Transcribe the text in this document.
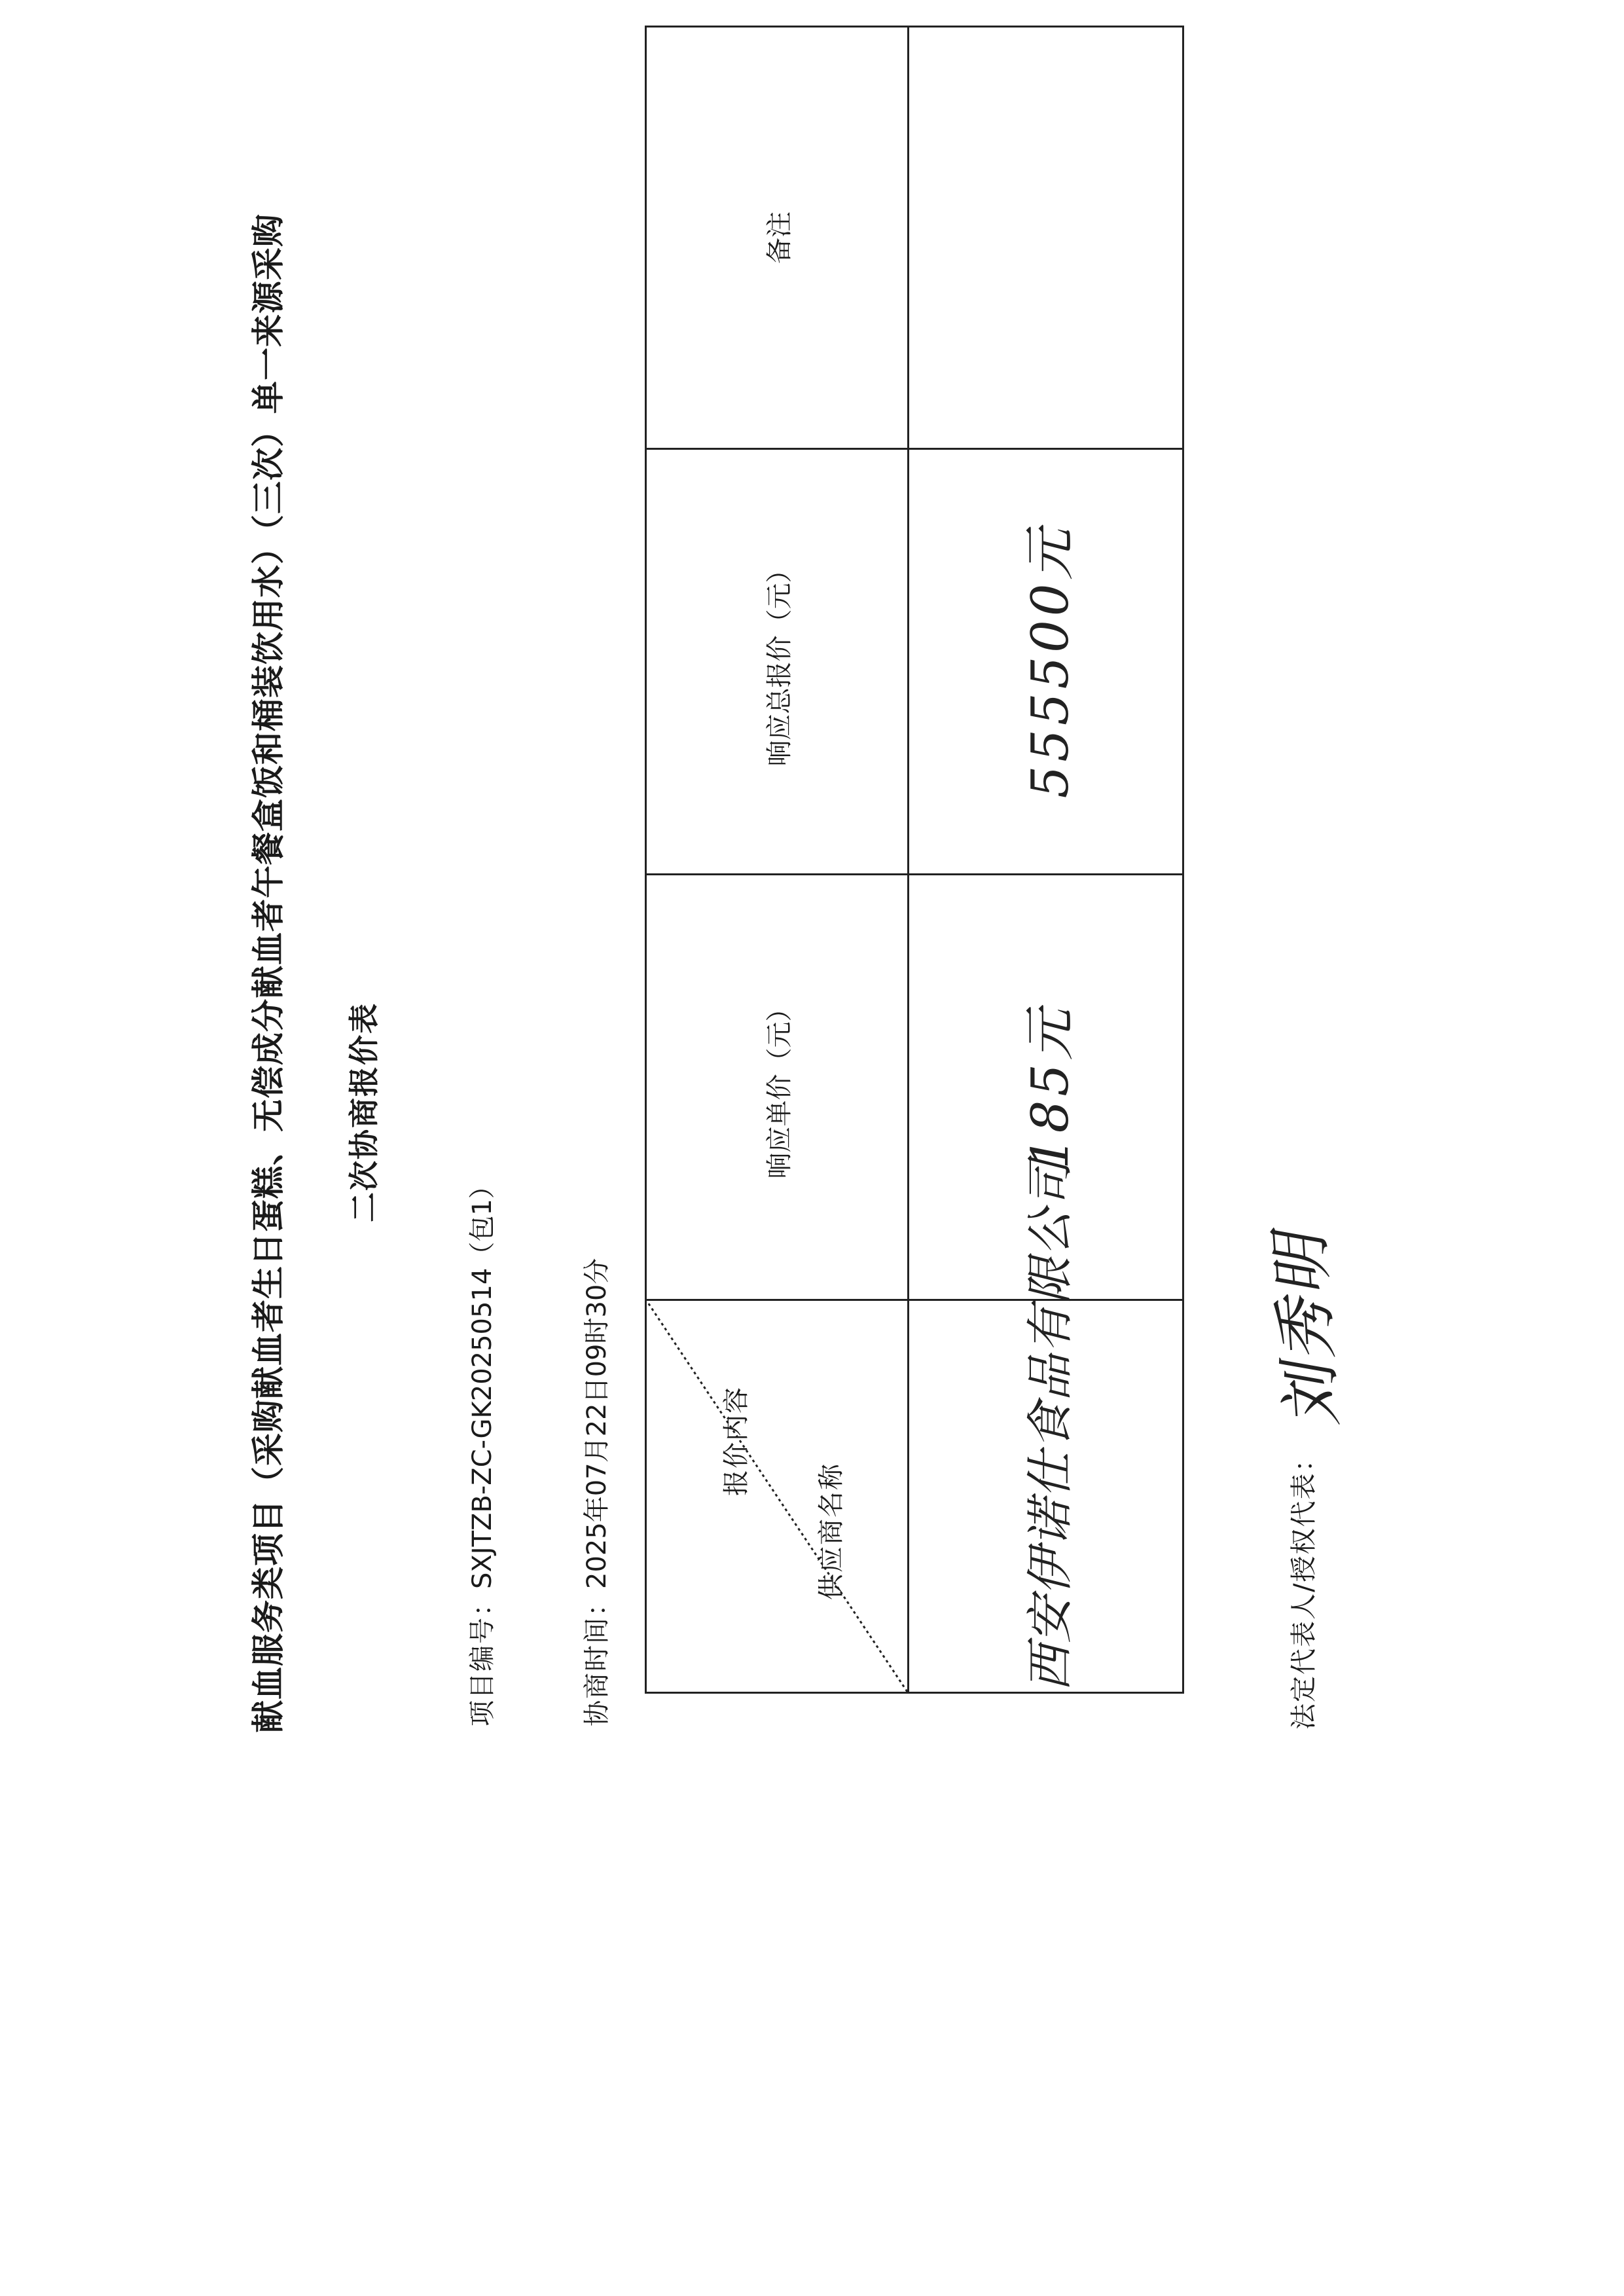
献血服务类项目（采购献血者生日蛋糕、无偿成分献血者午餐盒饭和桶装饮用水）（三次）单一来源采购 二次协商报价表
项目编号：SXJTZB-ZC-GK20250514（包1）
协商时间：2025年07月22日09时30分	报价内容
供应商名称	响应单价（元）	响应总报价（元）	备注
西安伊诺仕食品有限公司	185元	555500元	
法定代表人/授权代表： 刘秀明
